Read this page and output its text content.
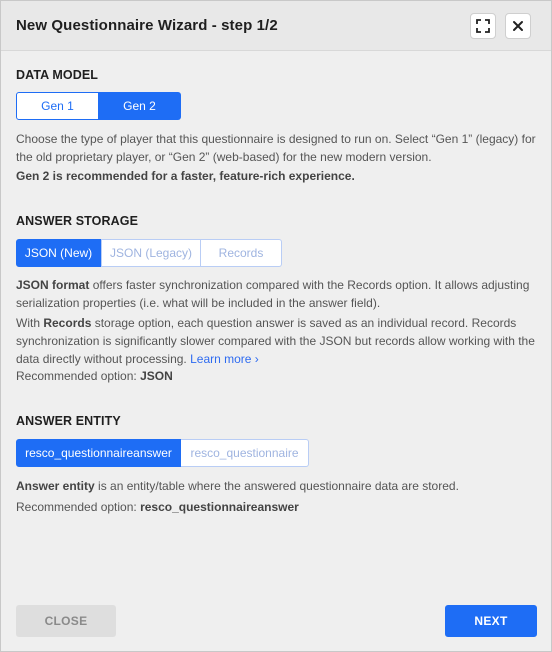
New Questionnaire Wizard - step 1/2
DATA MODEL
Gen 1	Gen 2
Choose the type of player that this questionnaire is designed to run on. Select “Gen 1” (legacy) for the old proprietary player, or “Gen 2” (web-based) for the new modern version.
Gen 2 is recommended for a faster, feature-rich experience.
ANSWER STORAGE
JSON (New)	JSON (Legacy)	Records
JSON format offers faster synchronization compared with the Records option. It allows adjusting serialization properties (i.e. what will be included in the answer field).
With Records storage option, each question answer is saved as an individual record. Records synchronization is significantly slower compared with the JSON but records allow working with the data directly without processing. Learn more ›
Recommended option: JSON
ANSWER ENTITY
resco_questionnaireanswer	resco_questionnaire
Answer entity is an entity/table where the answered questionnaire data are stored.
Recommended option: resco_questionnaireanswer
CLOSE	NEXT
